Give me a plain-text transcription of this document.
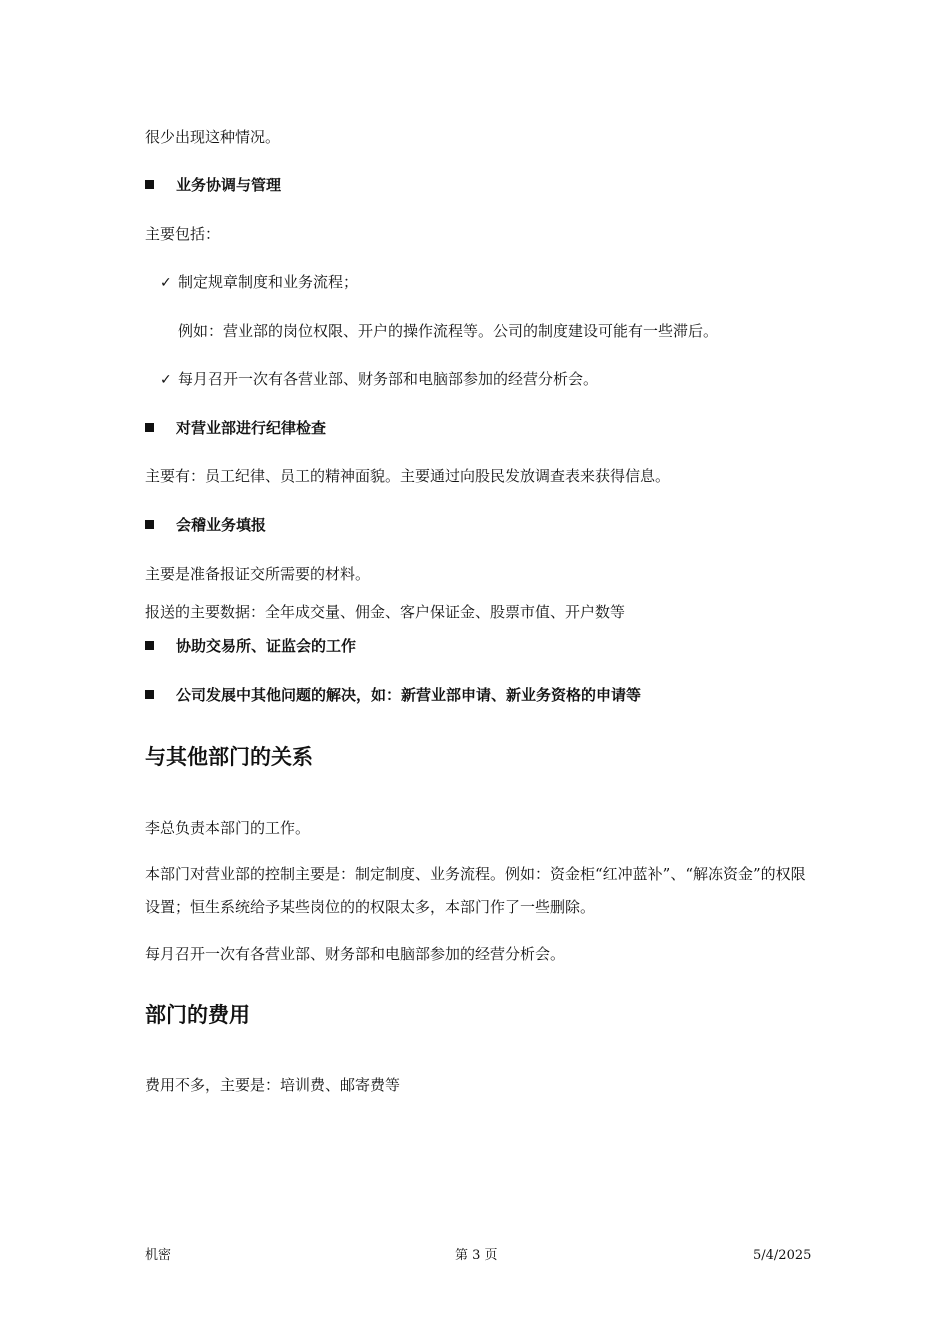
很少出现这种情况。
业务协调与管理
主要包括：
✓ 制定规章制度和业务流程；
例如：营业部的岗位权限、开户的操作流程等。公司的制度建设可能有一些滞后。
✓ 每月召开一次有各营业部、财务部和电脑部参加的经营分析会。
对营业部进行纪律检查
主要有：员工纪律、员工的精神面貌。主要通过向股民发放调查表来获得信息。
会稽业务填报
主要是准备报证交所需要的材料。
报送的主要数据：全年成交量、佣金、客户保证金、股票市值、开户数等
协助交易所、证监会的工作
公司发展中其他问题的解决，如：新营业部申请、新业务资格的申请等
与其他部门的关系
李总负责本部门的工作。
本部门对营业部的控制主要是：制定制度、业务流程。例如：资金柜“红冲蓝补”、“解冻资金”的权限设置；恒生系统给予某些岗位的的权限太多，本部门作了一些删除。
每月召开一次有各营业部、财务部和电脑部参加的经营分析会。
部门的费用
费用不多，主要是：培训费、邮寄费等
机密	第 3 页	5/4/2025
